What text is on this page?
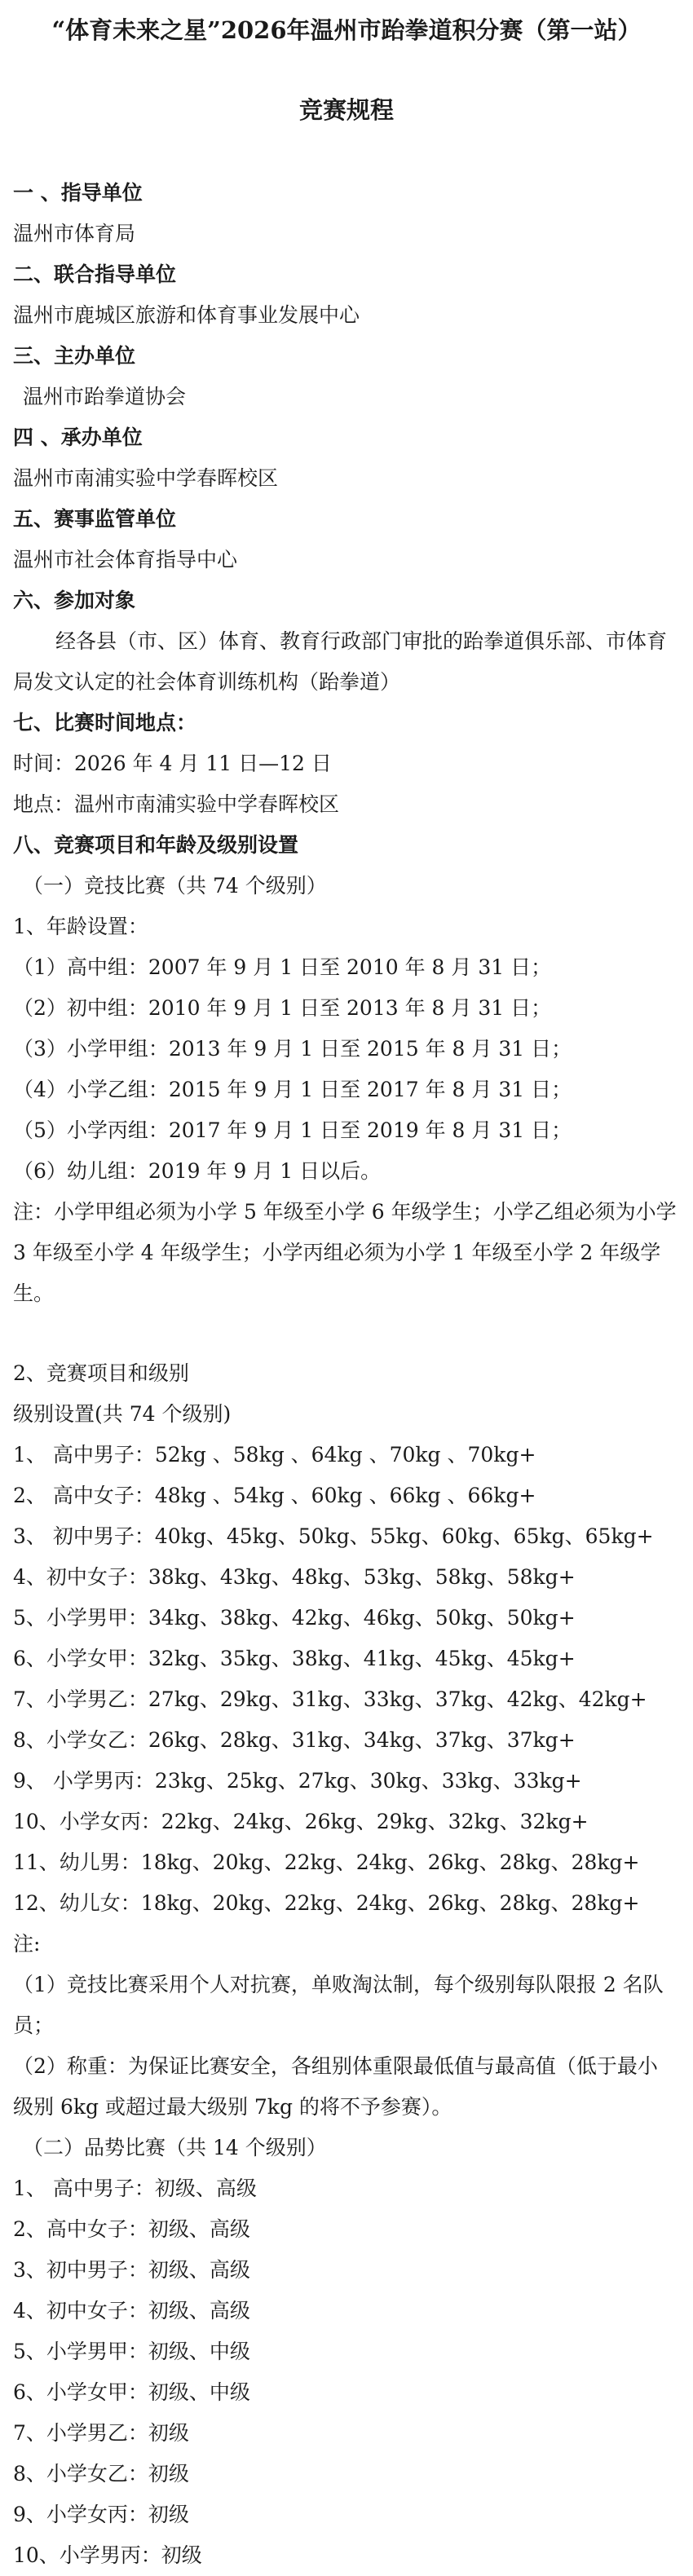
“体育未来之星”2026年温州市跆拳道积分赛（第一站）
竞赛规程
一 、指导单位
温州市体育局
二、联合指导单位
温州市鹿城区旅游和体育事业发展中心
三、主办单位
温州市跆拳道协会
四 、承办单位
温州市南浦实验中学春晖校区
五、赛事监管单位
温州市社会体育指导中心
六、参加对象
经各县（市、区）体育、教育行政部门审批的跆拳道俱乐部、市体育局发文认定的社会体育训练机构（跆拳道）
七、比赛时间地点：
时间：2026 年 4 月 11 日—12 日
地点：温州市南浦实验中学春晖校区
八、竞赛项目和年龄及级别设置
（一）竞技比赛（共 74 个级别）
1、年龄设置：
（1）高中组：2007 年 9 月 1 日至 2010 年 8 月 31 日；
（2）初中组：2010 年 9 月 1 日至 2013 年 8 月 31 日；
（3）小学甲组：2013 年 9 月 1 日至 2015 年 8 月 31 日；
（4）小学乙组：2015 年 9 月 1 日至 2017 年 8 月 31 日；
（5）小学丙组：2017 年 9 月 1 日至 2019 年 8 月 31 日；
（6）幼儿组：2019 年 9 月 1 日以后。
注：小学甲组必须为小学 5 年级至小学 6 年级学生；小学乙组必须为小学 3 年级至小学 4 年级学生；小学丙组必须为小学 1 年级至小学 2 年级学生。
2、竞赛项目和级别
级别设置(共 74 个级别)
1、 高中男子：52kg 、58kg 、64kg 、70kg 、70kg+
2、 高中女子：48kg 、54kg 、60kg 、66kg 、66kg+
3、 初中男子：40kg、45kg、50kg、55kg、60kg、65kg、65kg+
4、初中女子：38kg、43kg、48kg、53kg、58kg、58kg+
5、小学男甲：34kg、38kg、42kg、46kg、50kg、50kg+
6、小学女甲：32kg、35kg、38kg、41kg、45kg、45kg+
7、小学男乙：27kg、29kg、31kg、33kg、37kg、42kg、42kg+
8、小学女乙：26kg、28kg、31kg、34kg、37kg、37kg+
9、 小学男丙：23kg、25kg、27kg、30kg、33kg、33kg+
10、小学女丙：22kg、24kg、26kg、29kg、32kg、32kg+
11、幼儿男：18kg、20kg、22kg、24kg、26kg、28kg、28kg+
12、幼儿女：18kg、20kg、22kg、24kg、26kg、28kg、28kg+
注:
（1）竞技比赛采用个人对抗赛，单败淘汰制，每个级别每队限报 2 名队员；
（2）称重：为保证比赛安全，各组别体重限最低值与最高值（低于最小级别 6kg 或超过最大级别 7kg 的将不予参赛）。
（二）品势比赛（共 14 个级别）
1、 高中男子：初级、高级
2、高中女子：初级、高级
3、初中男子：初级、高级
4、初中女子：初级、高级
5、小学男甲：初级、中级
6、小学女甲：初级、中级
7、小学男乙：初级
8、小学女乙：初级
9、小学女丙：初级
10、小学男丙：初级
